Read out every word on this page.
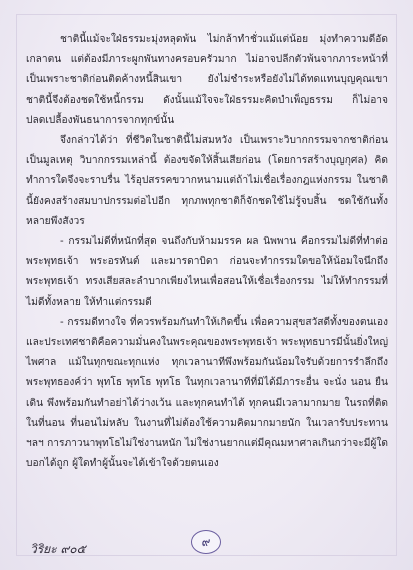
ชาตินี้แม้จะใฝ่ธรรมะมุ่งหลุดพ้น ไม่กล้าทำชั่วแม้แต่น้อย มุ่งทำความดีอัดเกลาตน แต่ต้องมีภาระผูกพันทางครอบครัวมาก ไม่อาจปลีกตัวพ้นจากภาระหน้าที่ เป็นเพราะชาติก่อนติดค้างหนี้สินเขา ยังไม่ชำระหรือยังไม่ได้ทดแทนบุญคุณเขา ชาตินี้จึงต้องชดใช้หนี้กรรม ดังนั้นแม้ใจจะใฝ่ธรรมะคิดบำเพ็ญธรรม ก็ไม่อาจปลดเปลื้องพันธนาการจากทุกข์นั้น

จึงกล่าวได้ว่า ที่ชีวิตในชาตินี้ไม่สมหวัง เป็นเพราะวิบากกรรมจากชาติก่อนเป็นมูลเหตุ วิบากกรรมเหล่านี้ ต้องขจัดให้สิ้นเสียก่อน (โดยการสร้างบุญกุศล) คิดทำการใดจึงจะราบรื่น ไร้อุปสรรคขวากหนามแต่ถ้าไม่เชื่อเรื่องกฎแห่งกรรม ในชาตินี้ยังคงสร้างสมบาปกรรมต่อไปอีก ทุกภพทุกชาติก็จักชดใช้ไม่รู้จบสิ้น ชดใช้กันทั้งหลายพึงสังวร

- กรรมไม่ดีที่หนักที่สุด จนถึงกับห้ามมรรค ผล นิพพาน คือกรรมไม่ดีที่ทำต่อพระพุทธเจ้า พระอรหันต์ และมารดาบิดา ก่อนจะทำกรรมใดขอให้น้อมใจนึกถึงพระพุทธเจ้า ทรงเสียสละลำบากเพียงไหนเพื่อสอนให้เชื่อเรื่องกรรม ไม่ให้ทำกรรมที่ไม่ดีทั้งหลาย ให้ทำแต่กรรมดี

- กรรมดีทางใจ ที่ควรพร้อมกันทำให้เกิดขึ้น เพื่อความสุขสวัสดีทั้งของตนเองและประเทศชาติคือความมั่นคงในพระคุณของพระพุทธเจ้า พระพุทธบารมีนั้นยิ่งใหญ่ไพศาล แม้ในทุกขณะทุกแห่ง ทุกเวลานาทีพึงพร้อมกันน้อมใจรับด้วยการรำลึกถึงพระพุทธองค์ว่า พุทโธ พุทโธ พุทโธ ในทุกเวลานาทีที่มิได้มีภาระอื่น จะนั่ง นอน ยืน เดิน พึงพร้อมกันทำอย่าได้ว่างเว้น และทุกคนทำได้ ทุกคนมีเวลามากมาย ในรถที่ติด ในที่นอน ที่นอนไม่หลับ ในงานที่ไม่ต้องใช้ความคิดมากมายนัก ในเวลารับประทาน ฯลฯ การภาวนาพุทโธไม่ใช่งานหนัก ไม่ใช่งานยากแต่มีคุณมหาศาลเกินกว่าจะมีผู้ใดบอกได้ถูก ผู้ใดทำผู้นั้นจะได้เข้าใจด้วยตนเอง

วิริยะ ๙๐๕
๙
